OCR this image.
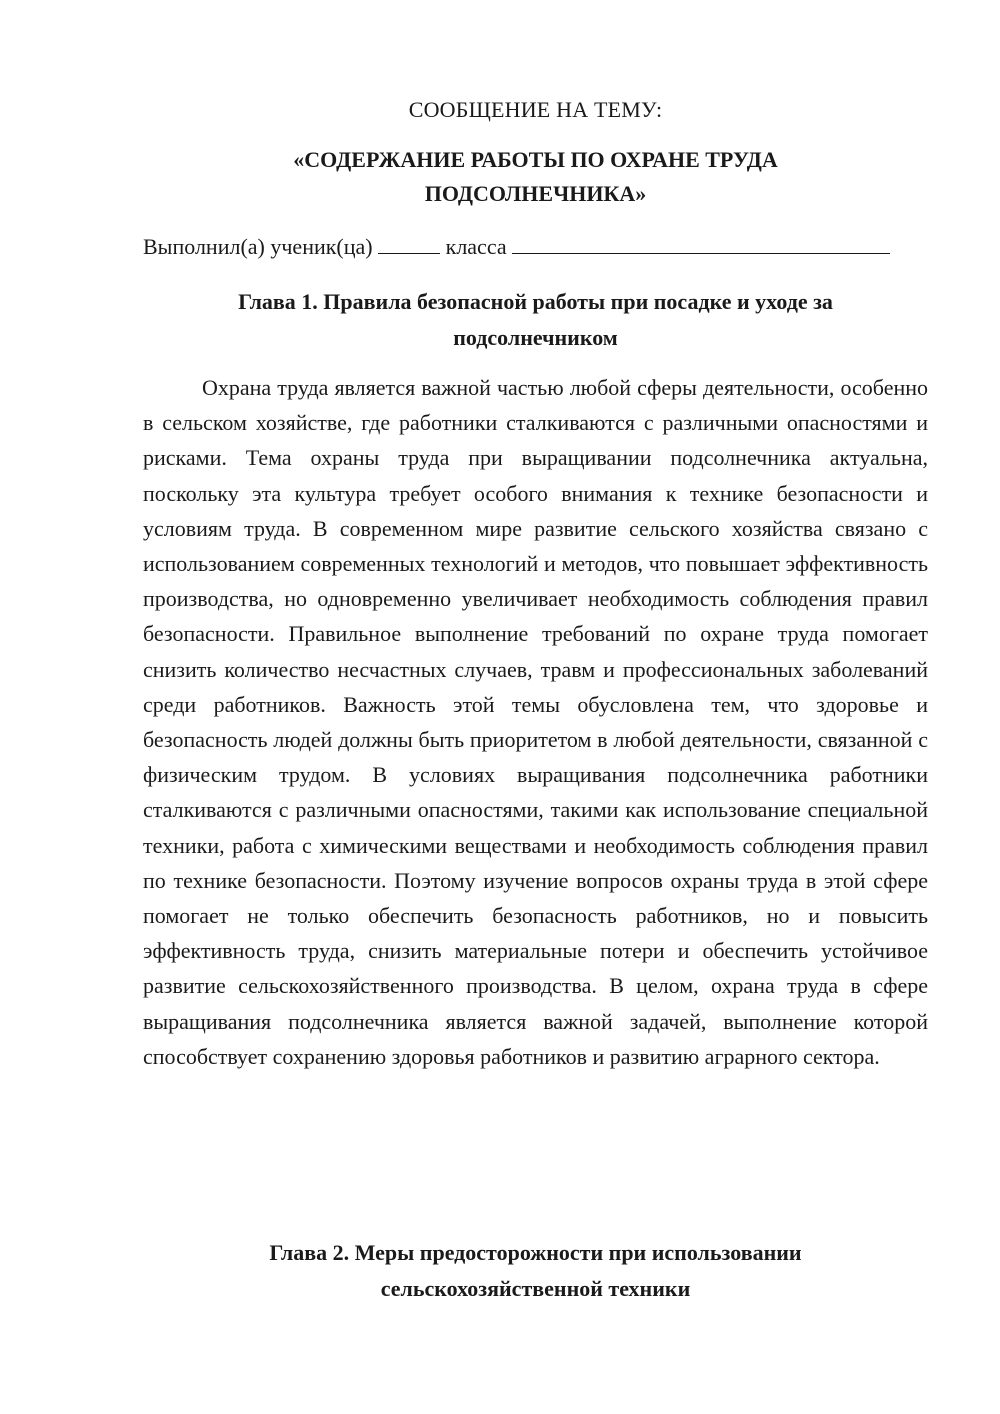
СООБЩЕНИЕ НА ТЕМУ:
«СОДЕРЖАНИЕ РАБОТЫ ПО ОХРАНЕ ТРУДА
ПОДСОЛНЕЧНИКА»
Выполнил(а) ученик(ца)	класса
Глава 1. Правила безопасной работы при посадке и уходе за
подсолнечником

Охрана труда является важной частью любой сферы деятельности, особенно в сельском хозяйстве, где работники сталкиваются с различными опасностями и рисками. Тема охраны труда при выращивании подсолнечника актуальна, поскольку эта культура требует особого внимания к технике безопасности и условиям труда. В современном мире развитие сельского хозяйства связано с использованием современных технологий и методов, что повышает эффективность производства, но одновременно увеличивает необходимость соблюдения правил безопасности. Правильное выполнение требований по охране труда помогает снизить количество несчастных случаев, травм и профессиональных заболеваний среди работников. Важность этой темы обусловлена тем, что здоровье и безопасность людей должны быть приоритетом в любой деятельности, связанной с физическим трудом. В условиях выращивания подсолнечника работники сталкиваются с различными опасностями, такими как использование специальной техники, работа с химическими веществами и необходимость соблюдения правил по технике безопасности. Поэтому изучение вопросов охраны труда в этой сфере помогает не только обеспечить безопасность работников, но и повысить эффективность труда, снизить материальные потери и обеспечить устойчивое развитие сельскохозяйственного производства. В целом, охрана труда в сфере выращивания подсолнечника является важной задачей, выполнение которой способствует сохранению здоровья работников и развитию аграрного сектора.

Глава 2. Меры предосторожности при использовании
сельскохозяйственной техники
